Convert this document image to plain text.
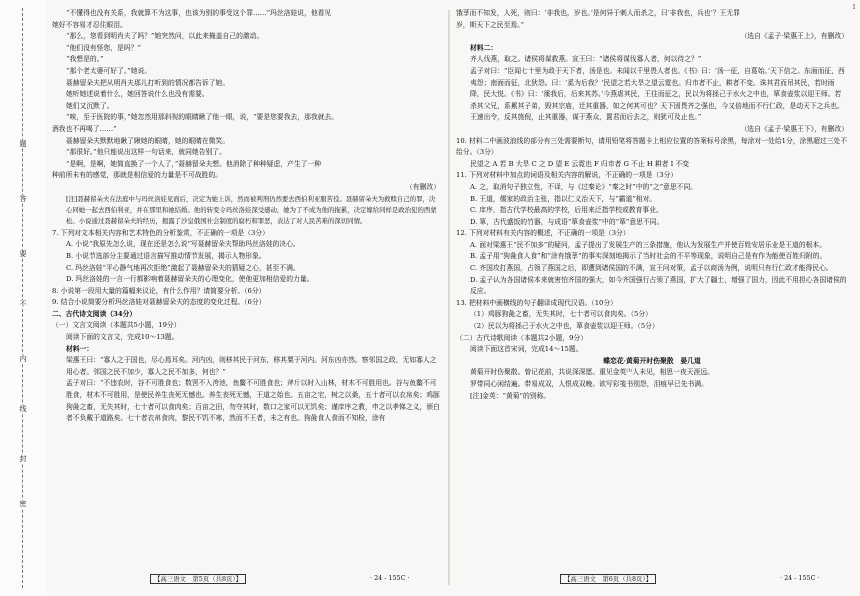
题
答
要
不
内
线
封
密
1

“不懂得也没有关系，我就算不为这事，也该为别的事受这个罪……”玛丝洛娃说，他看见

她好不容易才忍住眼泪。

“那么，您看到明肖夫了吗？”她突然问，以此来掩盖自己的激动。

“他们没有怪您，是吗？”

“我想是的。”

“那个老太婆可好了。”她说。

聂赫留朵夫把从明肖夫那儿打听到的情况都告诉了她。

她听她述说着什么，她回答说什么也没有需要。

她们又沉默了。

“唉，至于医院的事，”她忽然用那斜视的眼睛瞅了他一眼，说，“要是您要我去，那我就去。

酒我也不再喝了……”

聂赫留朵夫默默地瞅了瞅她的眼睛，她的眼睛在微笑。

“那很好。”他只能说出这样一句话来，就同她告别了。

“是啊，是啊，她简直换了一个人了，”聂赫留朵夫想。他消除了种种疑虑，产生了一种

种前所未有的感觉，那就是相信爱的力量是不可战胜的。

（有删改）

[注]聂赫留朵夫在法庭中与玛丝洛娃见面后，决定为她上诉，然而被判刑仍然要去西伯利亚服苦役。聂赫留朵夫为救赎自己的罪，决心同她一起去西伯利亚，并在那里和她结婚。他的转变令玛丝洛娃深受感动，她为了不成为他的拖累，决定嫁给同样是政治犯的西蒙松。小说通过聂赫留朵夫的经历，揭露了沙皇俄国社会制度的腐朽和罪恶，表达了对人民苦难的深切同情。

7. 下列对文本相关内容和艺术特色的分析鉴赏，不正确的一项是（3分）

A. 小说“我原先怎么说，现在还是怎么说”写聂赫留朵夫帮助玛丝洛娃的决心。

B. 小说节选部分主要通过语言描写推动情节发展，揭示人物形象。

C. 玛丝洛娃“平心静气地再次拒绝”激起了聂赫留朵夫的猜疑之心，甚至不满。

D. 玛丝洛娃的一言一行都影响着聂赫留朵夫的心理变化，使他更加相信爱的力量。

8. 小说第一段用大量的篇幅来议论，有什么作用？请简要分析。（6分）

9. 结合小说简要分析玛丝洛娃对聂赫留朵夫的态度的变化过程。（6分）

二、古代诗文阅读（34分）

（一）文言文阅读（本题共5小题，19分）

阅读下面的文言文，完成10～13题。

材料一：

梁惠王曰：“寡人之于国也，尽心焉耳矣。河内凶，则移其民于河东，移其粟于河内。河东凶亦然。察邻国之政，无如寡人之用心者。邻国之民不加少，寡人之民不加多，何也？”

孟子对曰：“不违农时，谷不可胜食也；数罟不入洿池，鱼鳖不可胜食也；斧斤以时入山林，材木不可胜用也。谷与鱼鳖不可胜食，材木不可胜用，是使民养生丧死无憾也。养生丧死无憾，王道之始也。五亩之宅，树之以桑，五十者可以衣帛矣；鸡豚狗彘之畜，无失其时，七十者可以食肉矣；百亩之田，勿夺其时，数口之家可以无饥矣；谨庠序之教，申之以孝悌之义，颁白者不负戴于道路矣。七十者衣帛食肉，黎民不饥不寒，然而不王者，未之有也。狗彘食人食而不知检，涂有

【高三语文　第5页（共8页）】	· 24 - 155C ·

饿莩而不知发，人死，则曰：‘非我也，岁也。’是何异于刺人而杀之，曰‘非我也，兵也’？王无罪

岁，斯天下之民至焉。”

（选自《孟子·梁惠王上》，有删改）

材料二：

齐人伐燕，取之。诸侯将谋救燕。宣王曰：“诸侯将谋伐寡人者，何以待之？”

孟子对曰：“臣闻七十里为政于天下者，汤是也。未闻以千里畏人者也。《书》曰：‘汤一征，自葛始。’天下信之。东面而征，西夷怨；南面而征，北狄怨。曰：‘奚为后我？’民望之若大旱之望云霓也。归市者不止，耕者不变。诛其君而吊其民，若时雨降，民大悦。《书》曰：‘徯我后，后来其苏。’今燕虐其民，王往而征之，民以为将拯己于水火之中也，箪食壶浆以迎王师。若杀其父兄，系累其子弟，毁其宗庙，迁其重器，如之何其可也？天下固畏齐之强也，今又倍地而不行仁政，是动天下之兵也。王速出令，反其旄倪，止其重器，谋于燕众，置君而后去之，则犹可及止也。”

（选自《孟子·梁惠王下》，有删改）

10. 材料二中画波浪线的部分有三处需要断句，请用铅笔将答题卡上相应位置的答案标号涂黑，每涂对一处给1分，涂黑超过三处不给分。（3分）

民望之 A 若 B 大旱 C 之 D 望 E 云霓也 F 归市者 G 不止 H 耕者 I 不变

11. 下列对材料中加点的词语及相关内容的解说，不正确的一项是（3分）

A. 之，取消句子独立性，不译，与《过秦论》“秦之时”中的“之”意思不同。

B. 王道，儒家的政治主张，指以仁义治天下，与“霸道”相对。

C. 庠序，指古代学校最高的学校，后用来泛指学校或教育事业。

D. 箪，古代盛饭的竹器，与成语“箪食壶浆”中的“箪”意思不同。

12. 下列对材料有关内容的概述，不正确的一项是（3分）

A. 面对梁惠王“民不加多”的疑问，孟子提出了发展生产的三条措施，他认为发展生产并使百姓安居乐业是王道的根本。

B. 孟子用“狗彘食人食”和“涂有饿莩”的事实深刻地揭示了当时社会的不平等现象，说明自己是有作为能使百姓归附的。

C. 齐国攻打燕国，占领了燕国之后，即遭到诸侯国的不满，宣王问对策，孟子以商汤为例，说明只有行仁政才能得民心。

D. 孟子认为各国诸侯本来就害怕齐国的强大，如今齐国强行占领了燕国，扩大了疆土，增强了国力，因此不用担心各国诸侯的反应。

13. 把材料中画横线的句子翻译成现代汉语。（10分）

（1）鸡豚狗彘之畜，无失其时，七十者可以食肉矣。（5分）

（2）民以为将拯己于水火之中也，箪食壶浆以迎王师。（5分）

（二）古代诗歌阅读（本题共2小题，9分）

阅读下面这首宋词，完成14～15题。

蝶恋花·黄菊开时伤聚散　晏几道

黄菊开时伤聚散。曾记花前，共说深深愿。重见金英⁽¹⁾人未见，相思一夜天涯远。

罗带同心闲结遍。带易成双，人恨成双晚。欲写彩笺书别怨，泪痕早已先书满。

[注]金英：“黄菊”的别称。

【高三语文　第6页（共8页）】	· 24 - 155C ·
